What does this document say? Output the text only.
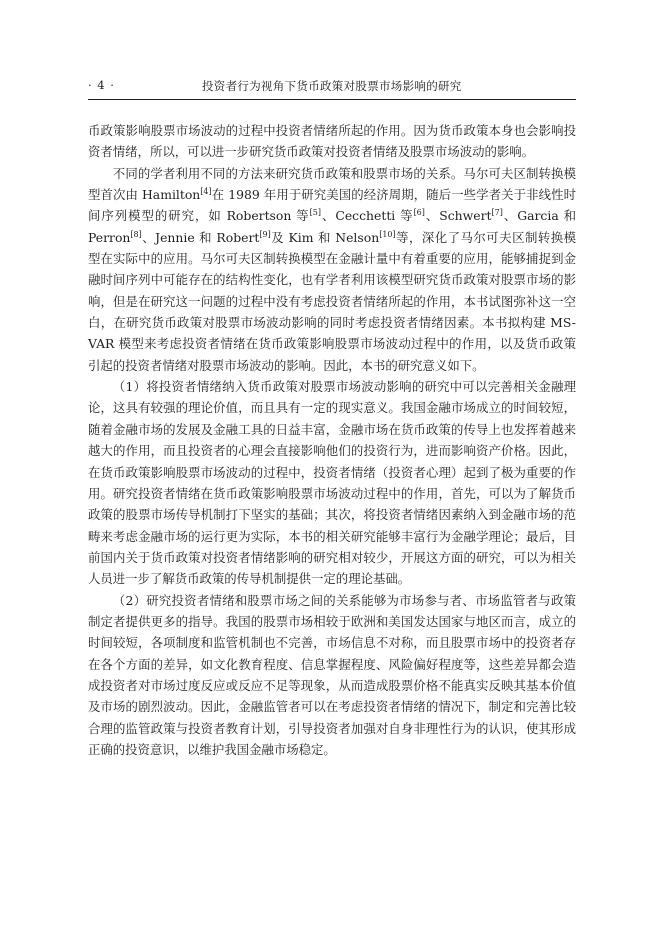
· 4 ·	投资者行为视角下货币政策对股票市场影响的研究

币政策影响股票市场波动的过程中投资者情绪所起的作用。因为货币政策本身也会影响投资者情绪，所以，可以进一步研究货币政策对投资者情绪及股票市场波动的影响。

不同的学者利用不同的方法来研究货币政策和股票市场的关系。马尔可夫区制转换模型首次由 Hamilton[4]在 1989 年用于研究美国的经济周期，随后一些学者关于非线性时间序列模型的研究，如 Robertson 等[5]、Cecchetti 等[6]、Schwert[7]、Garcia 和 Perron[8]、Jennie 和 Robert[9]及 Kim 和 Nelson[10]等，深化了马尔可夫区制转换模型在实际中的应用。马尔可夫区制转换模型在金融计量中有着重要的应用，能够捕捉到金融时间序列中可能存在的结构性变化，也有学者利用该模型研究货币政策对股票市场的影响，但是在研究这一问题的过程中没有考虑投资者情绪所起的作用，本书试图弥补这一空白，在研究货币政策对股票市场波动影响的同时考虑投资者情绪因素。本书拟构建 MS-VAR 模型来考虑投资者情绪在货币政策影响股票市场波动过程中的作用，以及货币政策引起的投资者情绪对股票市场波动的影响。因此，本书的研究意义如下。

（1）将投资者情绪纳入货币政策对股票市场波动影响的研究中可以完善相关金融理论，这具有较强的理论价值，而且具有一定的现实意义。我国金融市场成立的时间较短，随着金融市场的发展及金融工具的日益丰富，金融市场在货币政策的传导上也发挥着越来越大的作用，而且投资者的心理会直接影响他们的投资行为，进而影响资产价格。因此，在货币政策影响股票市场波动的过程中，投资者情绪（投资者心理）起到了极为重要的作用。研究投资者情绪在货币政策影响股票市场波动过程中的作用，首先，可以为了解货币政策的股票市场传导机制打下坚实的基础；其次，将投资者情绪因素纳入到金融市场的范畴来考虑金融市场的运行更为实际，本书的相关研究能够丰富行为金融学理论；最后，目前国内关于货币政策对投资者情绪影响的研究相对较少，开展这方面的研究，可以为相关人员进一步了解货币政策的传导机制提供一定的理论基础。

（2）研究投资者情绪和股票市场之间的关系能够为市场参与者、市场监管者与政策制定者提供更多的指导。我国的股票市场相较于欧洲和美国发达国家与地区而言，成立的时间较短，各项制度和监管机制也不完善，市场信息不对称，而且股票市场中的投资者存在各个方面的差异，如文化教育程度、信息掌握程度、风险偏好程度等，这些差异都会造成投资者对市场过度反应或反应不足等现象，从而造成股票价格不能真实反映其基本价值及市场的剧烈波动。因此，金融监管者可以在考虑投资者情绪的情况下，制定和完善比较合理的监管政策与投资者教育计划，引导投资者加强对自身非理性行为的认识，使其形成正确的投资意识，以维护我国金融市场稳定。
